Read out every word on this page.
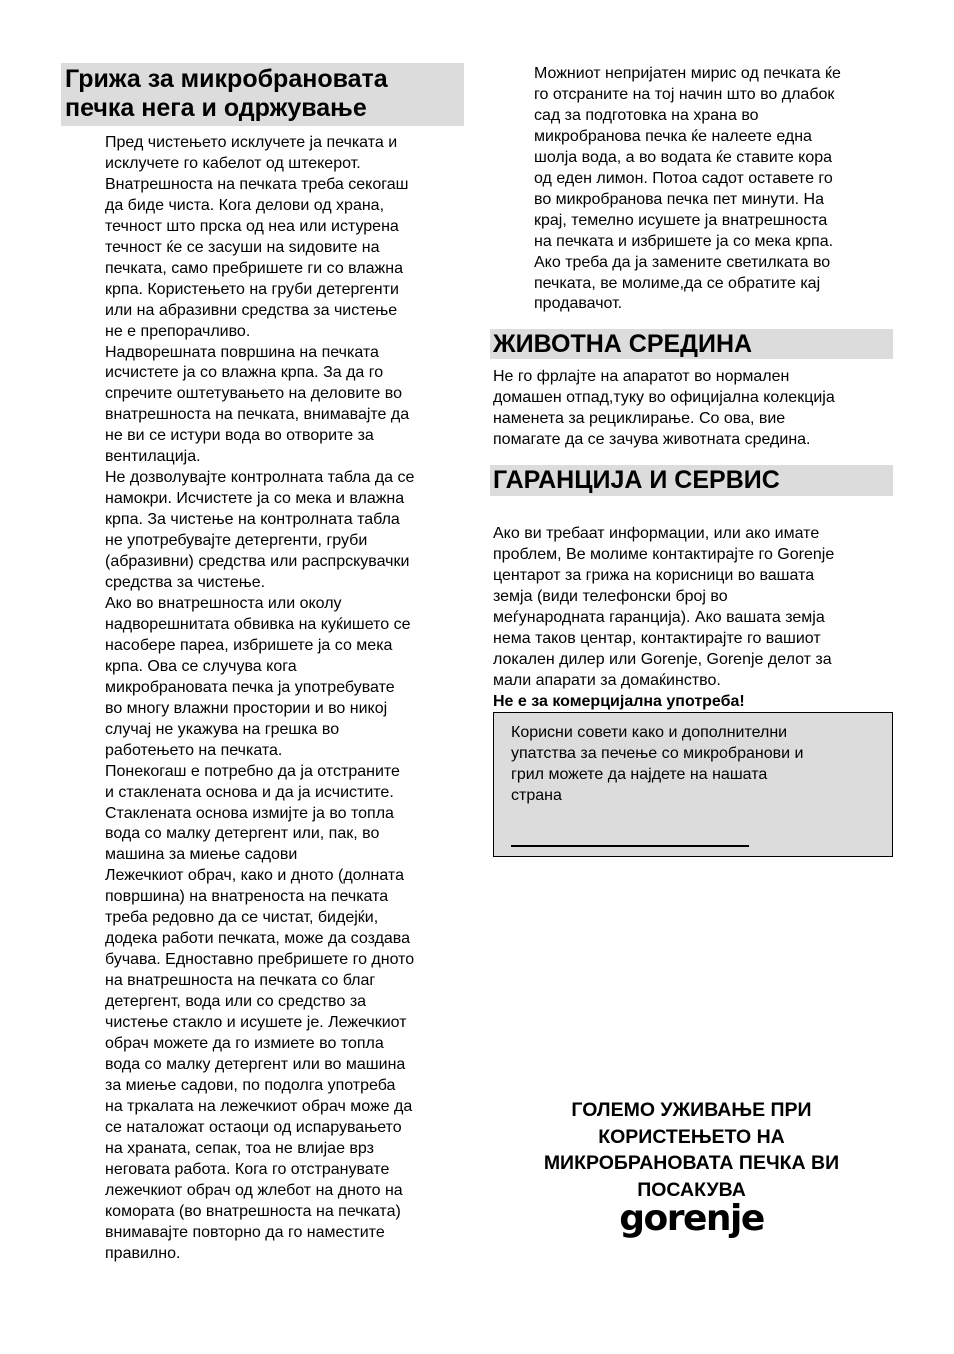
Грижа за микробрановата
печка нега и одржување
Пред чистењето исклучете ја печката и
исклучете го кабелот од штекерот.
Внатрешноста на печката треба секогаш
да биде чиста. Кога делови од храна,
течност што прска од неа или истурена
течност ќе се засуши на ѕидовите на
печката, само пребришете ги со влажна
крпа. Користењето на груби детергенти
или на абразивни средства за чистење
не е препорачливо.
Надворешната површина на печката
исчистете ја со влажна крпа. За да го
спречите оштетувањето на деловите во
внатрешноста на печката, внимавајте да
не ви се истури вода во отворите за
вентилација.
Не дозволувајте контролната табла да се
намокри. Исчистете ја со мека и влажна
крпа. За чистење на контролната табла
не употребувајте детергенти, груби
(абразивни) средства или распрскувачки
средства за чистење.
Ако во внатрешноста или околу
надворешнитата обвивка на куќишето се
насобере пареа, избришете ја со мека
крпа. Ова се случува кога
микробрановата печка ја употребувате
во многу влажни простории и во никој
случај не укажува на грешка во
работењето на печката.
Понекогаш е потребно да ја отстраните
и стаклената основа и да ја исчистите.
Стаклената основа измијте ја во топла
вода со малку детергент или, пак, во
машина за миење садови
Лежечкиот обрач, како и дното (долната
површина) на внатреноста на печката
треба редовно да се чистат, бидејќи,
додека работи печката, може да создава
бучава. Едноставно пребришете го дното
на внатрешноста на печката со благ
детергент, вода или со средство за
чистење стакло и исушете је. Лежечкиот
обрач можете да го измиете во топла
вода со малку детергент или во машина
за миење садови, по подолга употреба
на тркалата на лежечкиот обрач може да
се наталожат остаоци од испарувањето
на храната, сепак, тоа не влијае врз
неговата работа. Кога го отстранувате
лежечкиот обрач од жлебот на дното на
комората (во внатрешноста на печката)
внимавајте повторно да го наместите
правилно.
Можниот непријатен мирис од печката ќе
го отсраните на тој начин што во длабок
сад за подготовка на храна во
микробранова печка ќе налеете една
шолја вода, а во водата ќе ставите кора
од еден лимон. Потоа садот оставете го
во микробранова печка пет минути. На
крај, темелно исушете ја внатрешноста
на печката и избришете ја со мека крпа.
Ако треба да ја замените светилката во
печката, ве молиме,да се обратите кај
продавачот.
ЖИВОТНА СРЕДИНА
Не го фрлајте на апаратот во нормален
домашен отпад,туку во официјална колекција
наменета за рециклирање. Со ова, вие
помагате да се зачува животната средина.
ГАРАНЦИЈА И СЕРВИС

Ако ви требаат информации, или ако имате
проблем, Ве молиме контактирајте го Gorenje
центарот за грижа на корисници во вашата
земја (види телефонски број во
меѓународната гаранција). Ако вашата земја
нема таков центар, контактирајте го вашиот
локален дилер или Gorenje, Gorenje делот за
мали апарати за домаќинство.

Не е за комерцијална употреба!

Корисни совети како и дополнителни
упатства за печење со микробранови и
грил можете да најдете на нашата
страна
ГОЛЕМО УЖИВАЊЕ ПРИ
КОРИСТЕЊЕТО НА
МИКРОБРАНОВАТА ПЕЧКА ВИ
ПОСАКУВА
gorenje
